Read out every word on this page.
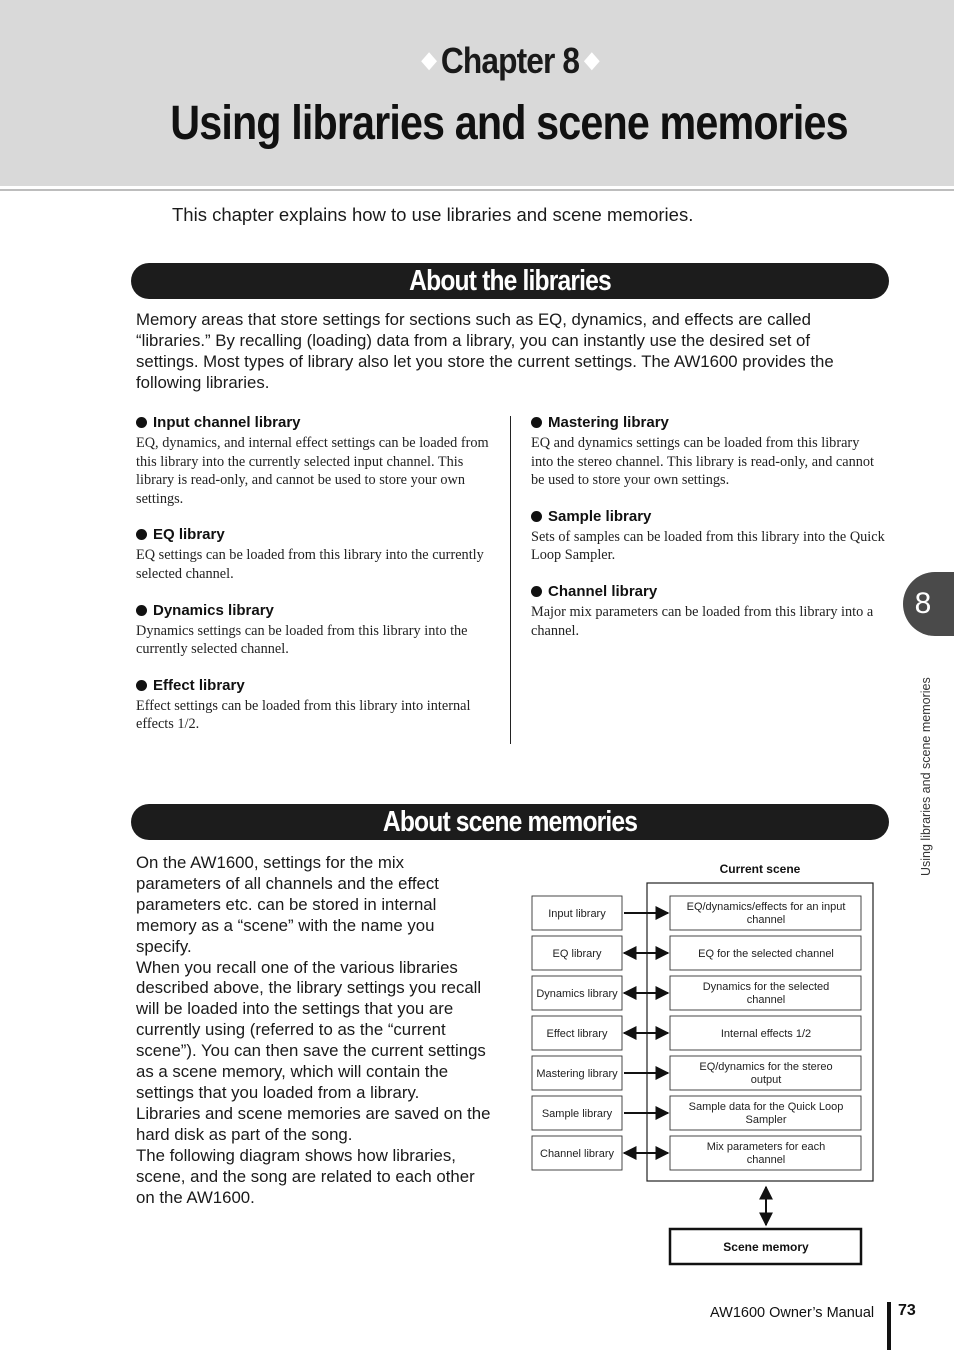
◆ Chapter 8 ◆
Using libraries and scene memories
This chapter explains how to use libraries and scene memories.
About the libraries
Memory areas that store settings for sections such as EQ, dynamics, and effects are called “libraries.” By recalling (loading) data from a library, you can instantly use the desired set of settings. Most types of library also let you store the current settings. The AW1600 provides the following libraries.
Input channel library
EQ, dynamics, and internal effect settings can be loaded from this library into the currently selected input channel. This library is read-only, and cannot be used to store your own settings.
EQ library
EQ settings can be loaded from this library into the currently selected channel.
Dynamics library
Dynamics settings can be loaded from this library into the currently selected channel.
Effect library
Effect settings can be loaded from this library into internal effects 1/2.
Mastering library
EQ and dynamics settings can be loaded from this library into the stereo channel. This library is read-only, and cannot be used to store your own settings.
Sample library
Sets of samples can be loaded from this library into the Quick Loop Sampler.
Channel library
Major mix parameters can be loaded from this library into a channel.
About scene memories

On the AW1600, settings for the mix parameters of all channels and the effect parameters etc. can be stored in internal memory as a “scene” with the name you specify.

When you recall one of the various libraries described above, the library settings you recall will be loaded into the settings that you are currently using (referred to as the “current scene”). You can then save the current settings as a scene memory, which will contain the settings that you loaded from a library.

Libraries and scene memories are saved on the hard disk as part of the song.

The following diagram shows how libraries, scene, and the song are related to each other on the AW1600.

Current scene
Input library
EQ/dynamics/effects for an input
channel
EQ library	EQ for the selected channel
Dynamics library
Dynamics for the selected
channel
Effect library	Internal effects 1/2
Mastering library
EQ/dynamics for the stereo
output
Sample library
Sample data for the Quick Loop
Sampler
Channel library
Mix parameters for each
channel
Scene memory
8
Using libraries and scene memories
AW1600 Owner’s Manual 73
